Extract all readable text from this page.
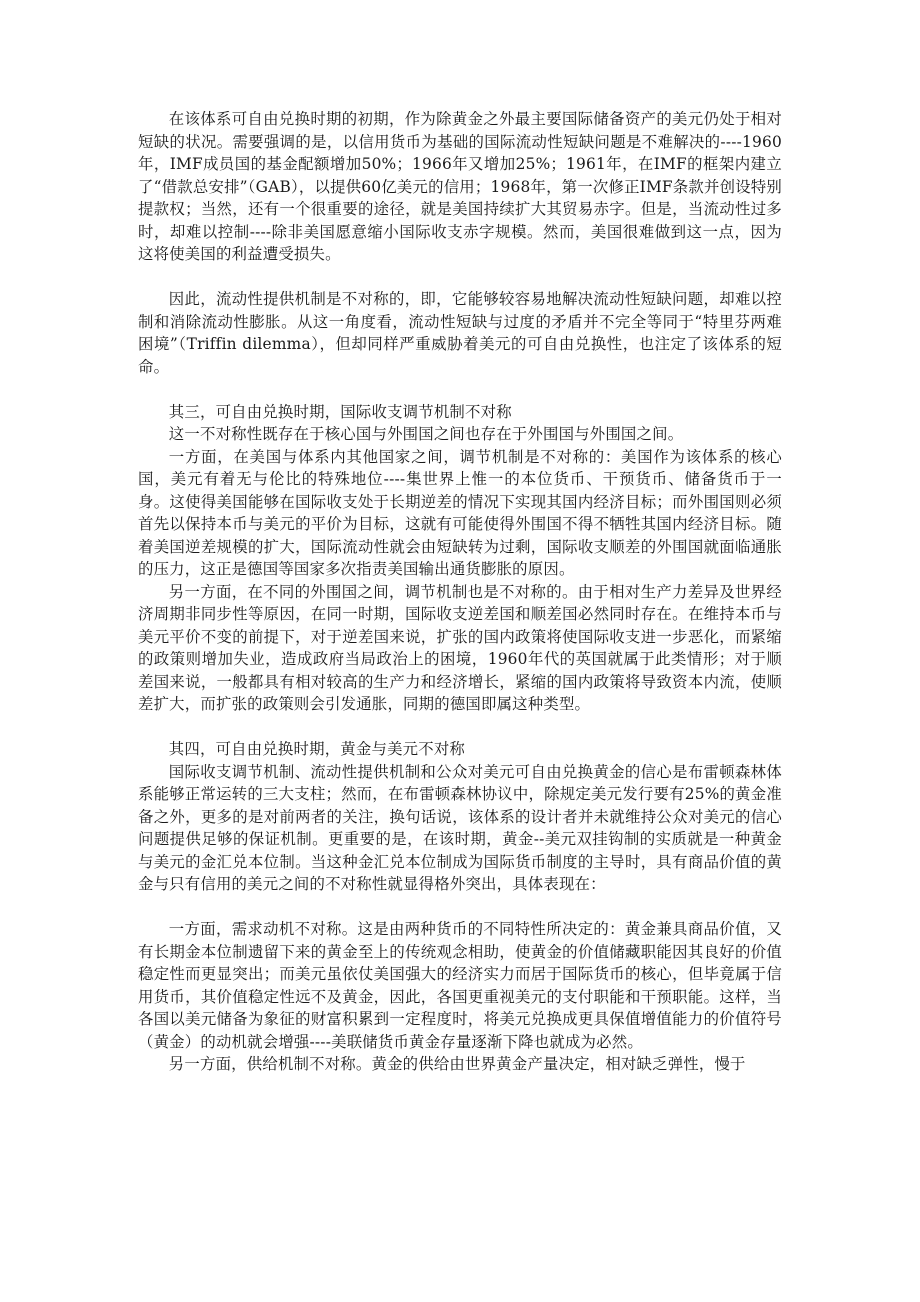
在该体系可自由兑换时期的初期，作为除黄金之外最主要国际储备资产的美元仍处于相对短缺的状况。需要强调的是，以信用货币为基础的国际流动性短缺问题是不难解决的----1960年，IMF成员国的基金配额增加50%；1966年又增加25%；1961年，在IMF的框架内建立了“借款总安排”（GAB），以提供60亿美元的信用；1968年，第一次修正IMF条款并创设特别提款权；当然，还有一个很重要的途径，就是美国持续扩大其贸易赤字。但是，当流动性过多时，却难以控制----除非美国愿意缩小国际收支赤字规模。然而，美国很难做到这一点，因为这将使美国的利益遭受损失。

因此，流动性提供机制是不对称的，即，它能够较容易地解决流动性短缺问题，却难以控制和消除流动性膨胀。从这一角度看，流动性短缺与过度的矛盾并不完全等同于“特里芬两难困境”（Triffin dilemma），但却同样严重威胁着美元的可自由兑换性，也注定了该体系的短命。

其三，可自由兑换时期，国际收支调节机制不对称

这一不对称性既存在于核心国与外围国之间也存在于外围国与外围国之间。

一方面，在美国与体系内其他国家之间，调节机制是不对称的：美国作为该体系的核心国，美元有着无与伦比的特殊地位----集世界上惟一的本位货币、干预货币、储备货币于一身。这使得美国能够在国际收支处于长期逆差的情况下实现其国内经济目标；而外围国则必须首先以保持本币与美元的平价为目标，这就有可能使得外围国不得不牺牲其国内经济目标。随着美国逆差规模的扩大，国际流动性就会由短缺转为过剩，国际收支顺差的外围国就面临通胀的压力，这正是德国等国家多次指责美国输出通货膨胀的原因。

另一方面，在不同的外围国之间，调节机制也是不对称的。由于相对生产力差异及世界经济周期非同步性等原因，在同一时期，国际收支逆差国和顺差国必然同时存在。在维持本币与美元平价不变的前提下，对于逆差国来说，扩张的国内政策将使国际收支进一步恶化，而紧缩的政策则增加失业，造成政府当局政治上的困境，1960年代的英国就属于此类情形；对于顺差国来说，一般都具有相对较高的生产力和经济增长，紧缩的国内政策将导致资本内流，使顺差扩大，而扩张的政策则会引发通胀，同期的德国即属这种类型。

其四，可自由兑换时期，黄金与美元不对称

国际收支调节机制、流动性提供机制和公众对美元可自由兑换黄金的信心是布雷顿森林体系能够正常运转的三大支柱；然而，在布雷顿森林协议中，除规定美元发行要有25%的黄金准备之外，更多的是对前两者的关注，换句话说，该体系的设计者并未就维持公众对美元的信心问题提供足够的保证机制。更重要的是，在该时期，黄金--美元双挂钩制的实质就是一种黄金与美元的金汇兑本位制。当这种金汇兑本位制成为国际货币制度的主导时，具有商品价值的黄金与只有信用的美元之间的不对称性就显得格外突出，具体表现在：

一方面，需求动机不对称。这是由两种货币的不同特性所决定的：黄金兼具商品价值，又有长期金本位制遗留下来的黄金至上的传统观念相助，使黄金的价值储藏职能因其良好的价值稳定性而更显突出；而美元虽依仗美国强大的经济实力而居于国际货币的核心，但毕竟属于信用货币，其价值稳定性远不及黄金，因此，各国更重视美元的支付职能和干预职能。这样，当各国以美元储备为象征的财富积累到一定程度时，将美元兑换成更具保值增值能力的价值符号（黄金）的动机就会增强----美联储货币黄金存量逐渐下降也就成为必然。

另一方面，供给机制不对称。黄金的供给由世界黄金产量决定，相对缺乏弹性，慢于
